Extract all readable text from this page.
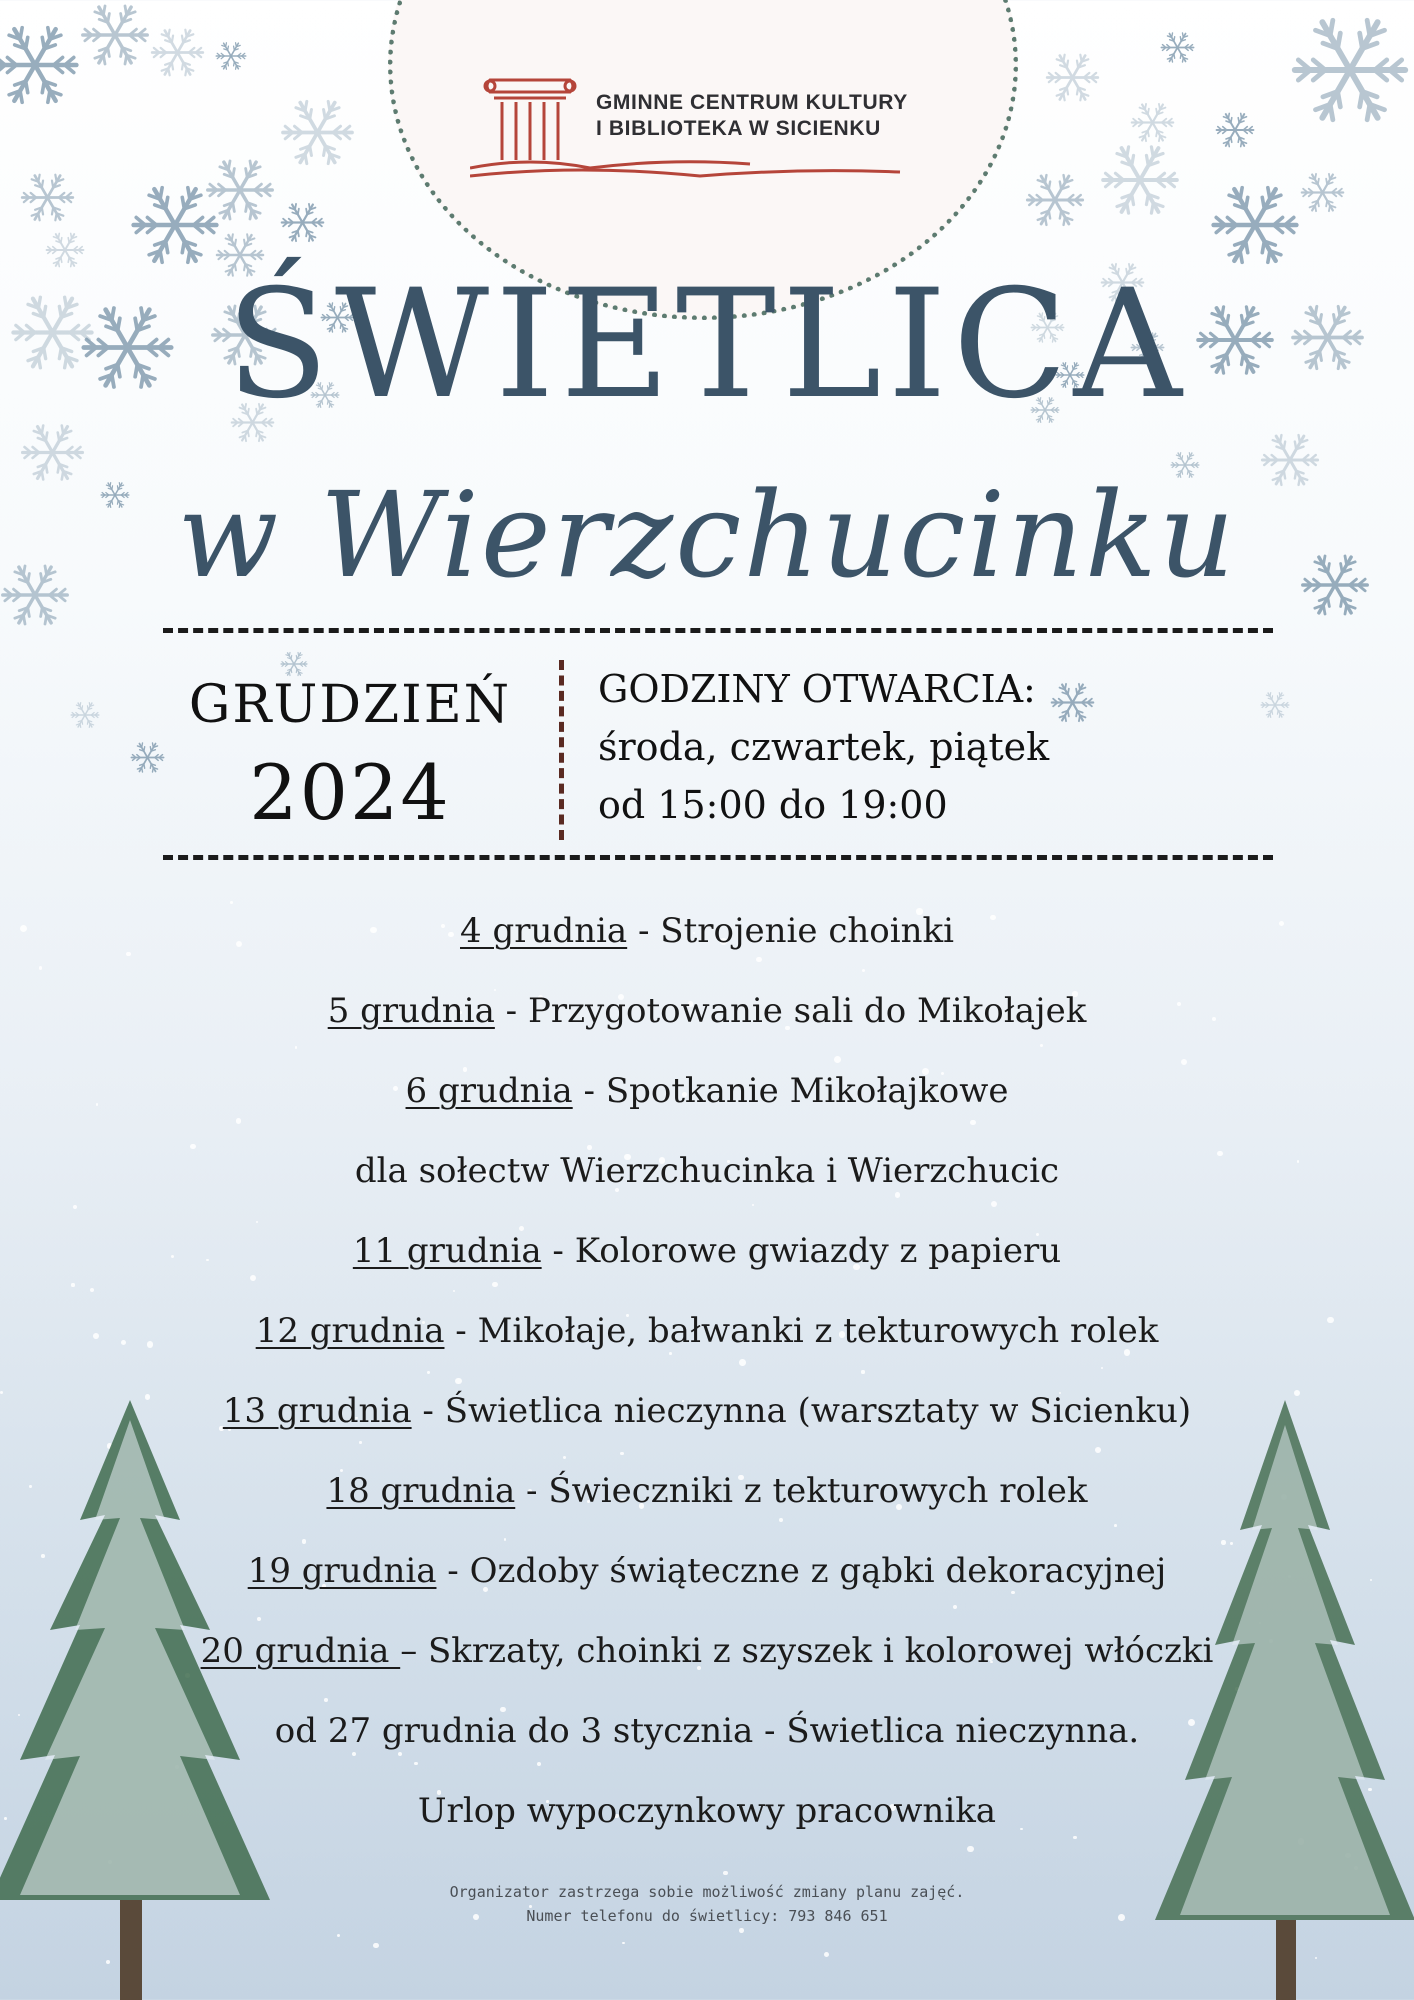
GMINNE CENTRUM KULTURY
I BIBLIOTEKA W SICIENKU
ŚWIETLICA
w Wierzchucinku
GRUDZIEŃ
2024
GODZINY OTWARCIA:
środa, czwartek, piątek
od 15:00 do 19:00
4 grudnia - Strojenie choinki
5 grudnia - Przygotowanie sali do Mikołajek
6 grudnia - Spotkanie Mikołajkowe
dla sołectw Wierzchucinka i Wierzchucic
11 grudnia - Kolorowe gwiazdy z papieru
12 grudnia - Mikołaje, bałwanki z tekturowych rolek
13 grudnia - Świetlica nieczynna (warsztaty w Sicienku)
18 grudnia - Świeczniki z tekturowych rolek
19 grudnia - Ozdoby świąteczne z gąbki dekoracyjnej
20 grudnia – Skrzaty, choinki z szyszek i kolorowej włóczki
od 27 grudnia do 3 stycznia - Świetlica nieczynna.
Urlop wypoczynkowy pracownika
Organizator zastrzega sobie możliwość zmiany planu zajęć.
Numer telefonu do świetlicy: 793 846 651
